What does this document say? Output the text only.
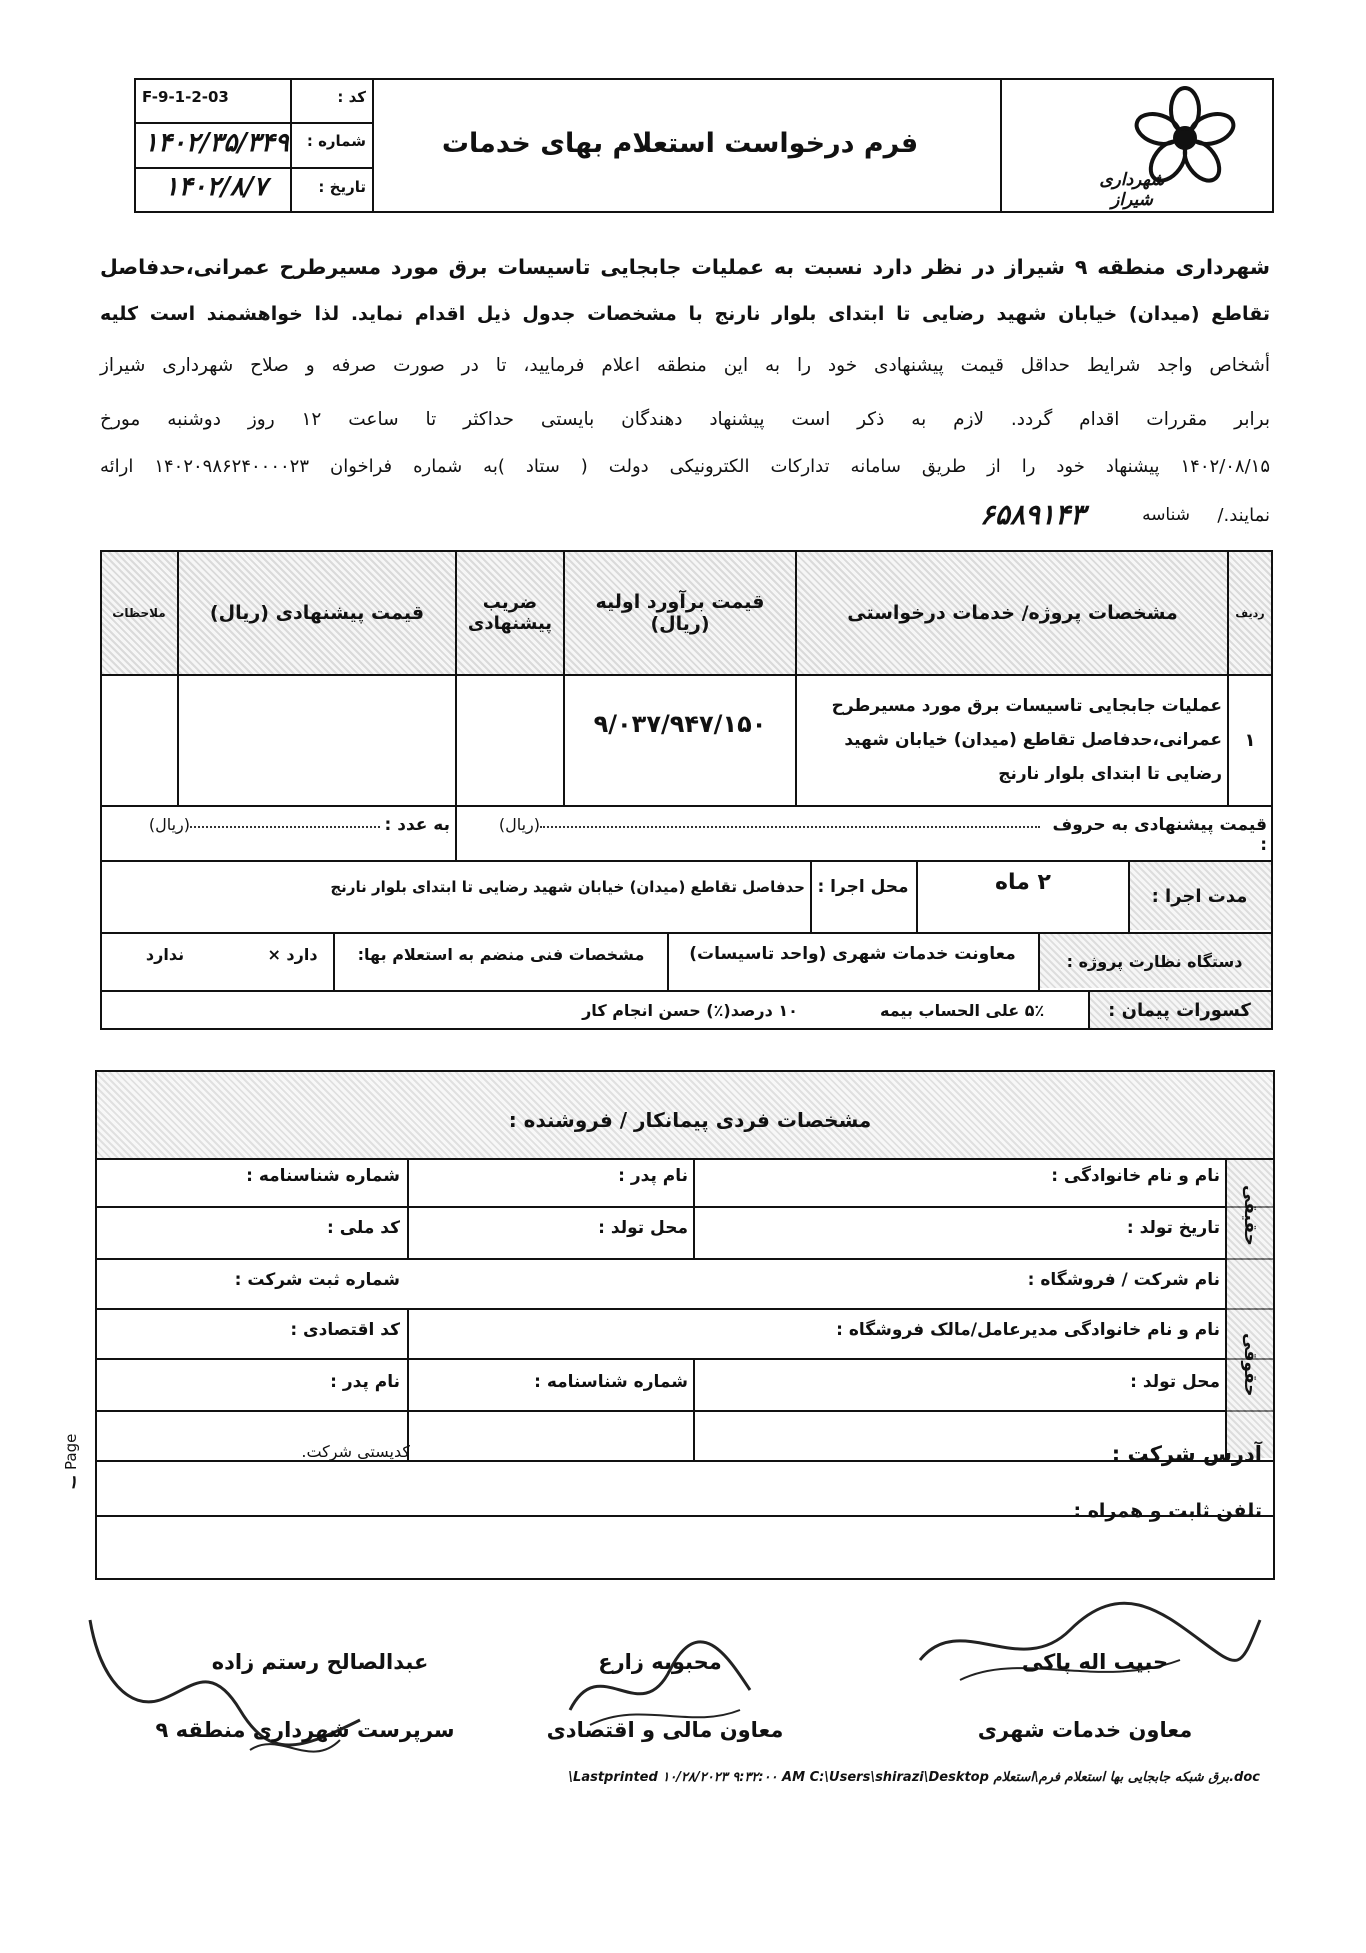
F-9-1-2-03	کد :
شماره :
تاریخ :
۱۴۰۲/۳۵/۳۴۹
۱۴۰۲/۸/۷
فرم درخواست استعلام بهای خدمات
شهرداری شیراز
شهرداری منطقه ۹ شیراز در نظر دارد نسبت به عملیات جابجایی تاسیسات برق مورد مسیرطرح عمرانی،حدفاصل
تقاطع (میدان) خیابان شهید رضایی تا ابتدای بلوار نارنج با مشخصات جدول ذیل اقدام نماید. لذا خواهشمند است کلیه
أشخاص واجد شرایط حداقل قیمت پیشنهادی خود را به این منطقه اعلام فرمایید، تا در صورت صرفه و صلاح شهرداری شیراز
برابر مقررات اقدام گردد. لازم به ذکر است پیشنهاد دهندگان بایستی حداکثر تا ساعت ۱۲ روز دوشنبه مورخ
۱۴۰۲/۰۸/۱۵ پیشنهاد خود را از طریق سامانه تدارکات الکترونیکی دولت ( ستاد )به شماره فراخوان ۱۴۰۲۰۹۸۶۲۴۰۰۰۰۲۳ ارائه
نمایند./
شناسه
۶۵۸۹۱۴۳
ردیف
مشخصات پروژه/ خدمات درخواستی
قیمت برآورد اولیه (ریال)
ضریب پیشنهادی
قیمت پیشنهادی (ریال)
ملاحظات
۱
عملیات جابجایی تاسیسات برق مورد مسیرطرح عمرانی،حدفاصل تقاطع (میدان) خیابان شهید رضایی تا ابتدای بلوار نارنج
۹/۰۳۷/۹۴۷/۱۵۰
قیمت پیشنهادی به حروف :
(ریال)
به عدد :
(ریال)
مدت اجرا :
۲ ماه
محل اجرا :
حدفاصل تقاطع (میدان) خیابان شهید رضایی تا ابتدای بلوار نارنج
دستگاه نظارت پروژه :
معاونت خدمات شهری (واحد تاسیسات)
مشخصات فنی منضم به استعلام بها:
دارد ×
ندارد
کسورات پیمان :
۵٪ علی الحساب بیمه
۱۰ درصد(٪) حسن انجام کار
مشخصات فردی پیمانکار / فروشنده :
حقیقی
حقوقی
نام و نام خانوادگی :
نام پدر :
شماره شناسنامه :
تاریخ تولد :
محل تولد :
کد ملی :
نام شرکت / فروشگاه :
شماره ثبت شرکت :
نام و نام خانوادگی مدیرعامل/مالک فروشگاه :
کد اقتصادی :
محل تولد :
شماره شناسنامه :
نام پدر :
آدرس شرکت :
کدپستی شرکت.
تلفن ثابت و همراه :
Page
۱
حبیب اله پاکی
معاون خدمات شهری
محبوبه زارع
معاون مالی و اقتصادی
عبدالصالح رستم زاده
سرپرست شهرداری منطقه ۹
doc.برق شبکه جابجایی بها استعلام فرم\استعلام Lastprinted ۱۰/۲۸/۲۰۲۳ ۹:۳۲:۰۰ AM C:\Users\shirazi\Desktop\
